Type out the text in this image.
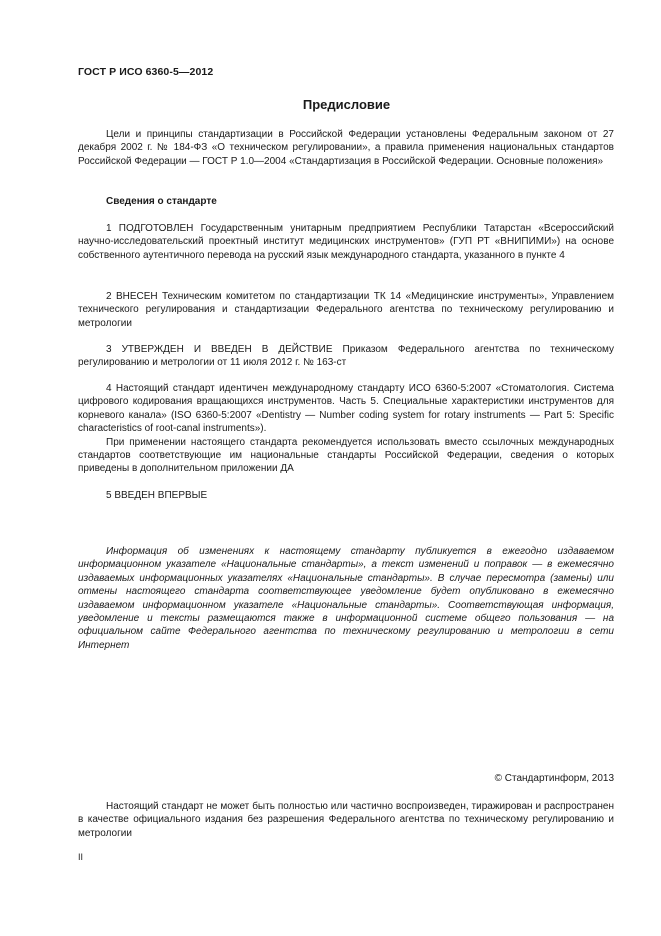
ГОСТ Р ИСО 6360-5—2012
Предисловие

Цели и принципы стандартизации в Российской Федерации установлены Федеральным законом от 27 декабря 2002 г. № 184-ФЗ «О техническом регулировании», а правила применения национальных стандартов Российской Федерации — ГОСТ Р 1.0—2004 «Стандартизация в Российской Федерации. Основные положения»

Сведения о стандарте

1 ПОДГОТОВЛЕН Государственным унитарным предприятием Республики Татарстан «Всероссийский научно-исследовательский проектный институт медицинских инструментов» (ГУП РТ «ВНИПИМИ») на основе собственного аутентичного перевода на русский язык международного стандарта, указанного в пункте 4

2 ВНЕСЕН Техническим комитетом по стандартизации ТК 14 «Медицинские инструменты», Управлением технического регулирования и стандартизации Федерального агентства по техническому регулированию и метрологии

3 УТВЕРЖДЕН И ВВЕДЕН В ДЕЙСТВИЕ Приказом Федерального агентства по техническому регулированию и метрологии от 11 июля 2012 г. № 163-ст

4 Настоящий стандарт идентичен международному стандарту ИСО 6360-5:2007 «Стоматология. Система цифрового кодирования вращающихся инструментов. Часть 5. Специальные характеристики инструментов для корневого канала» (ISO 6360-5:2007 «Dentistry — Number coding system for rotary instruments — Part 5: Specific characteristics of root-canal instruments»).

При применении настоящего стандарта рекомендуется использовать вместо ссылочных международных стандартов соответствующие им национальные стандарты Российской Федерации, сведения о которых приведены в дополнительном приложении ДА

5 ВВЕДЕН ВПЕРВЫЕ

Информация об изменениях к настоящему стандарту публикуется в ежегодно издаваемом информационном указателе «Национальные стандарты», а текст изменений и поправок — в ежемесячно издаваемых информационных указателях «Национальные стандарты». В случае пересмотра (замены) или отмены настоящего стандарта соответствующее уведомление будет опубликовано в ежемесячно издаваемом информационном указателе «Национальные стандарты». Соответствующая информация, уведомление и тексты размещаются также в информационной системе общего пользования — на официальном сайте Федерального агентства по техническому регулированию и метрологии в сети Интернет

© Стандартинформ, 2013

Настоящий стандарт не может быть полностью или частично воспроизведен, тиражирован и распространен в качестве официального издания без разрешения Федерального агентства по техническому регулированию и метрологии

II
